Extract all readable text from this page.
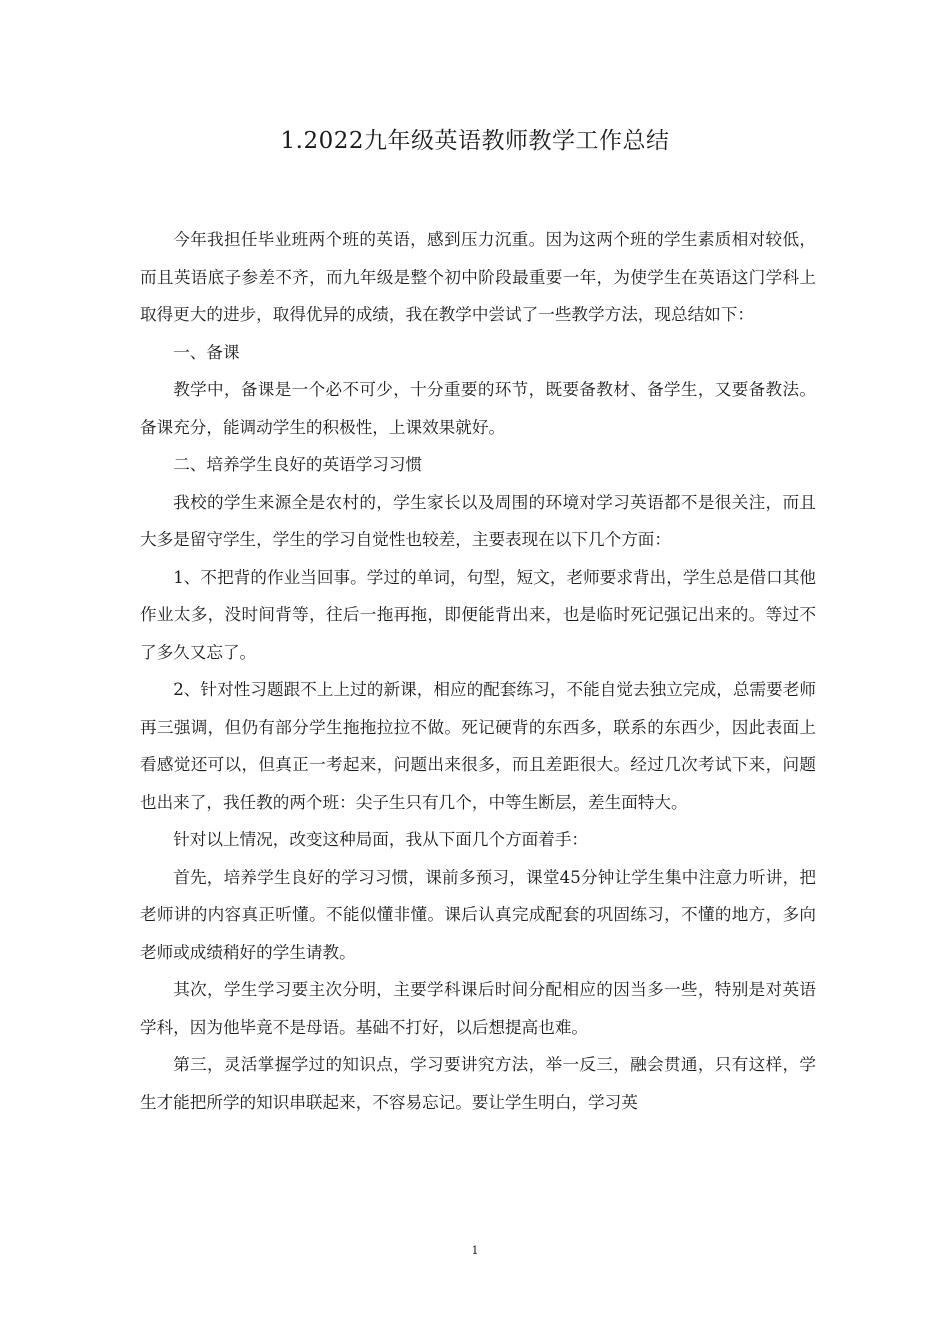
1.2022九年级英语教师教学工作总结

今年我担任毕业班两个班的英语，感到压力沉重。因为这两个班的学生素质相对较低，而且英语底子参差不齐，而九年级是整个初中阶段最重要一年，为使学生在英语这门学科上取得更大的进步，取得优异的成绩，我在教学中尝试了一些教学方法，现总结如下：

一、备课

教学中，备课是一个必不可少，十分重要的环节，既要备教材、备学生，又要备教法。备课充分，能调动学生的积极性，上课效果就好。

二、培养学生良好的英语学习习惯

我校的学生来源全是农村的，学生家长以及周围的环境对学习英语都不是很关注，而且大多是留守学生，学生的学习自觉性也较差，主要表现在以下几个方面：

1、不把背的作业当回事。学过的单词，句型，短文，老师要求背出，学生总是借口其他作业太多，没时间背等，往后一拖再拖，即便能背出来，也是临时死记强记出来的。等过不了多久又忘了。

2、针对性习题跟不上上过的新课，相应的配套练习，不能自觉去独立完成，总需要老师再三强调，但仍有部分学生拖拖拉拉不做。死记硬背的东西多，联系的东西少，因此表面上看感觉还可以，但真正一考起来，问题出来很多，而且差距很大。经过几次考试下来，问题也出来了，我任教的两个班：尖子生只有几个，中等生断层，差生面特大。

针对以上情况，改变这种局面，我从下面几个方面着手：

首先，培养学生良好的学习习惯，课前多预习，课堂45分钟让学生集中注意力听讲，把老师讲的内容真正听懂。不能似懂非懂。课后认真完成配套的巩固练习，不懂的地方，多向老师或成绩稍好的学生请教。

其次，学生学习要主次分明，主要学科课后时间分配相应的因当多一些，特别是对英语学科，因为他毕竟不是母语。基础不打好，以后想提高也难。

第三，灵活掌握学过的知识点，学习要讲究方法，举一反三，融会贯通，只有这样，学生才能把所学的知识串联起来，不容易忘记。要让学生明白，学习英

1
